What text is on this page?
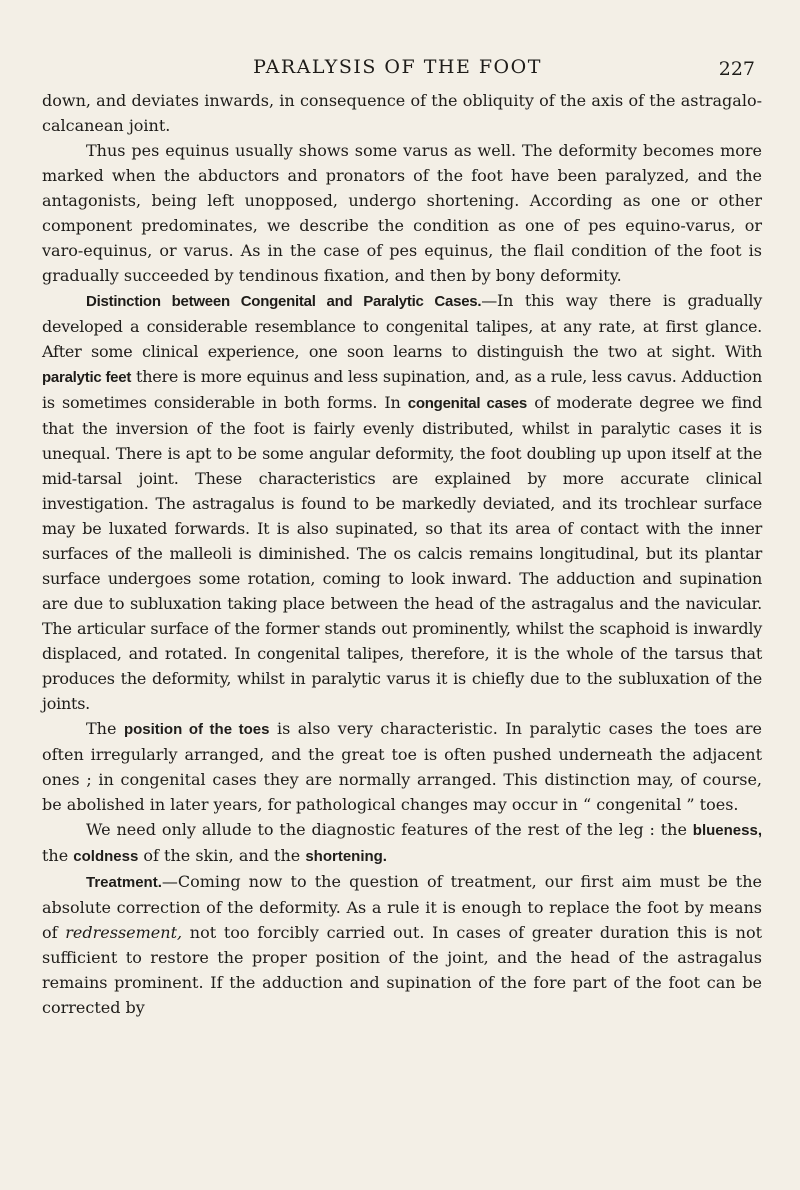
PARALYSIS OF THE FOOT	227

down, and deviates inwards, in consequence of the obliquity of the axis of the astragalo-calcanean joint.

Thus pes equinus usually shows some varus as well. The deformity becomes more marked when the abductors and pronators of the foot have been paralyzed, and the antagonists, being left unopposed, undergo shortening. According as one or other component predominates, we describe the condition as one of pes equino-varus, or varo-equinus, or varus. As in the case of pes equinus, the flail condition of the foot is gradually succeeded by tendinous fixation, and then by bony deformity.

Distinction between Congenital and Paralytic Cases.—In this way there is gradually developed a considerable resemblance to congenital talipes, at any rate, at first glance. After some clinical experience, one soon learns to distinguish the two at sight. With paralytic feet there is more equinus and less supination, and, as a rule, less cavus. Adduction is sometimes considerable in both forms. In congenital cases of moderate degree we find that the inversion of the foot is fairly evenly distributed, whilst in paralytic cases it is unequal. There is apt to be some angular deformity, the foot doubling up upon itself at the mid-tarsal joint. These characteristics are explained by more accurate clinical investigation. The astragalus is found to be markedly deviated, and its trochlear surface may be luxated forwards. It is also supinated, so that its area of contact with the inner surfaces of the malleoli is diminished. The os calcis remains longitudinal, but its plantar surface undergoes some rotation, coming to look inward. The adduction and supination are due to subluxation taking place between the head of the astragalus and the navicular. The articular surface of the former stands out prominently, whilst the scaphoid is inwardly displaced, and rotated. In congenital talipes, therefore, it is the whole of the tarsus that produces the deformity, whilst in paralytic varus it is chiefly due to the subluxation of the joints.

The position of the toes is also very characteristic. In paralytic cases the toes are often irregularly arranged, and the great toe is often pushed underneath the adjacent ones ; in congenital cases they are normally arranged. This distinction may, of course, be abolished in later years, for pathological changes may occur in “ congenital ” toes.

We need only allude to the diagnostic features of the rest of the leg : the blueness, the coldness of the skin, and the shortening.

Treatment.—Coming now to the question of treatment, our first aim must be the absolute correction of the deformity. As a rule it is enough to replace the foot by means of redressement, not too forcibly carried out. In cases of greater duration this is not sufficient to restore the proper position of the joint, and the head of the astragalus remains prominent. If the adduction and supination of the fore part of the foot can be corrected by
